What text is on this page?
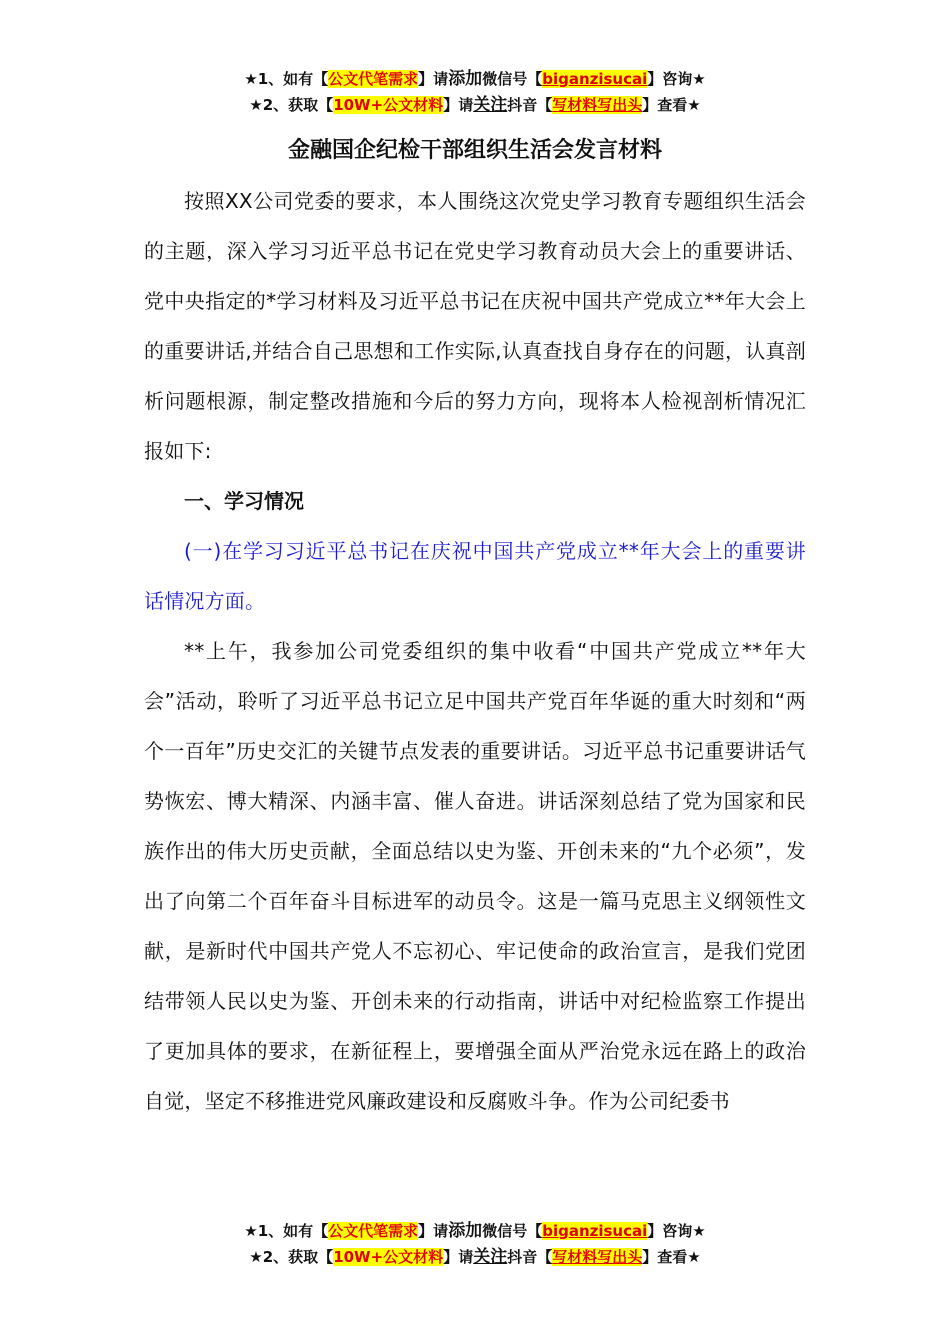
★1、如有【公文代笔需求】请添加微信号【biganzisucai】咨询★
★2、获取【10W+公文材料】请关注抖音【写材料写出头】查看★
金融国企纪检干部组织生活会发言材料

按照XX公司党委的要求，本人围绕这次党史学习教育专题组织生活会的主题，深入学习习近平总书记在党史学习教育动员大会上的重要讲话、党中央指定的*学习材料及习近平总书记在庆祝中国共产党成立**年大会上的重要讲话,并结合自己思想和工作实际,认真查找自身存在的问题，认真剖析问题根源，制定整改措施和今后的努力方向，现将本人检视剖析情况汇报如下:

一、学习情况

(一)在学习习近平总书记在庆祝中国共产党成立**年大会上的重要讲话情况方面。

**上午，我参加公司党委组织的集中收看“中国共产党成立**年大会”活动，聆听了习近平总书记立足中国共产党百年华诞的重大时刻和“两个一百年”历史交汇的关键节点发表的重要讲话。习近平总书记重要讲话气势恢宏、博大精深、内涵丰富、催人奋进。讲话深刻总结了党为国家和民族作出的伟大历史贡献，全面总结以史为鉴、开创未来的“九个必须”，发出了向第二个百年奋斗目标进军的动员令。这是一篇马克思主义纲领性文献，是新时代中国共产党人不忘初心、牢记使命的政治宣言，是我们党团结带领人民以史为鉴、开创未来的行动指南，讲话中对纪检监察工作提出了更加具体的要求，在新征程上，要增强全面从严治党永远在路上的政治自觉，坚定不移推进党风廉政建设和反腐败斗争。作为公司纪委书

★1、如有【公文代笔需求】请添加微信号【biganzisucai】咨询★
★2、获取【10W+公文材料】请关注抖音【写材料写出头】查看★
